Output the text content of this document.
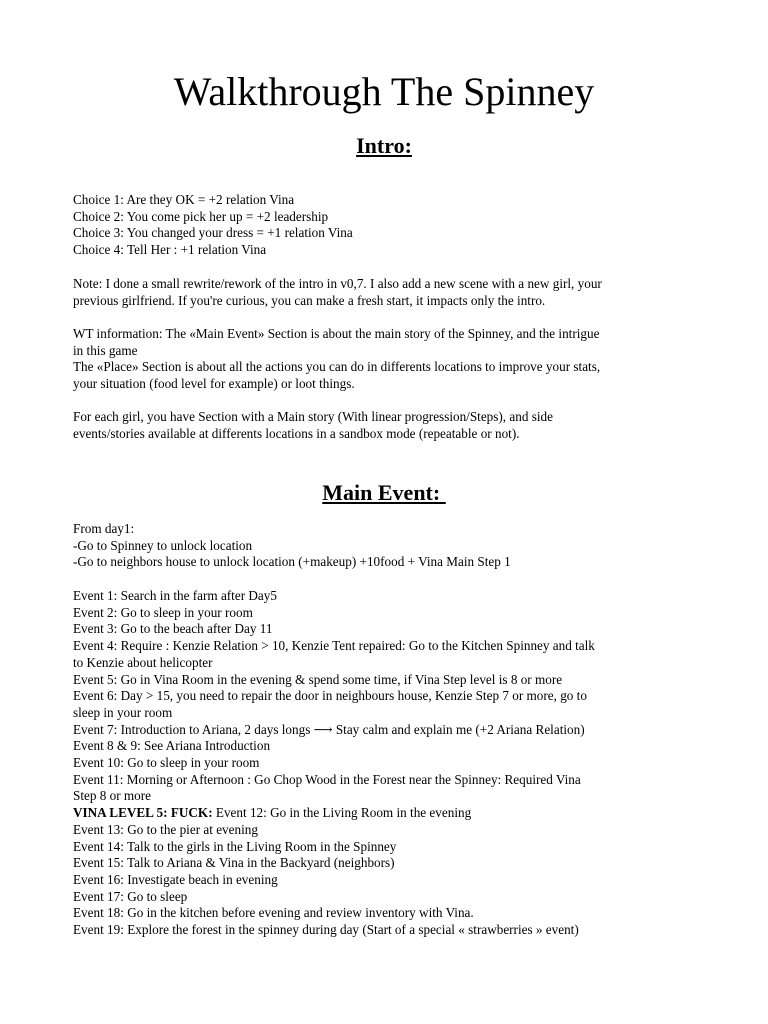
Walkthrough The Spinney
Intro:
Choice 1: Are they OK = +2 relation Vina
Choice 2: You come pick her up = +2 leadership
Choice 3: You changed your dress = +1 relation Vina
Choice 4: Tell Her : +1 relation Vina
Note: I done a small rewrite/rework of the intro in v0,7. I also add a new scene with a new girl, your
previous girlfriend. If you're curious, you can make a fresh start, it impacts only the intro.
WT information: The «Main Event» Section is about the main story of the Spinney, and the intrigue
in this game
The «Place» Section is about all the actions you can do in differents locations to improve your stats,
your situation (food level for example) or loot things.
For each girl, you have Section with a Main story (With linear progression/Steps), and side
events/stories available at differents locations in a sandbox mode (repeatable or not).
Main Event:
From day1:
-Go to Spinney to unlock location
-Go to neighbors house to unlock location (+makeup) +10food + Vina Main Step 1
Event 1: Search in the farm after Day5
Event 2: Go to sleep in your room
Event 3: Go to the beach after Day 11
Event 4: Require : Kenzie Relation > 10, Kenzie Tent repaired: Go to the Kitchen Spinney and talk
to Kenzie about helicopter
Event 5: Go in Vina Room in the evening & spend some time, if Vina Step level is 8 or more
Event 6: Day > 15, you need to repair the door in neighbours house, Kenzie Step 7 or more, go to
sleep in your room
Event 7: Introduction to Ariana, 2 days longs ⟶ Stay calm and explain me (+2 Ariana Relation)
Event 8 & 9: See Ariana Introduction
Event 10: Go to sleep in your room
Event 11: Morning or Afternoon : Go Chop Wood in the Forest near the Spinney: Required Vina
Step 8 or more
VINA LEVEL 5: FUCK: Event 12: Go in the Living Room in the evening
Event 13: Go to the pier at evening
Event 14: Talk to the girls in the Living Room in the Spinney
Event 15: Talk to Ariana & Vina in the Backyard (neighbors)
Event 16: Investigate beach in evening
Event 17: Go to sleep
Event 18: Go in the kitchen before evening and review inventory with Vina.
Event 19: Explore the forest in the spinney during day (Start of a special « strawberries » event)
